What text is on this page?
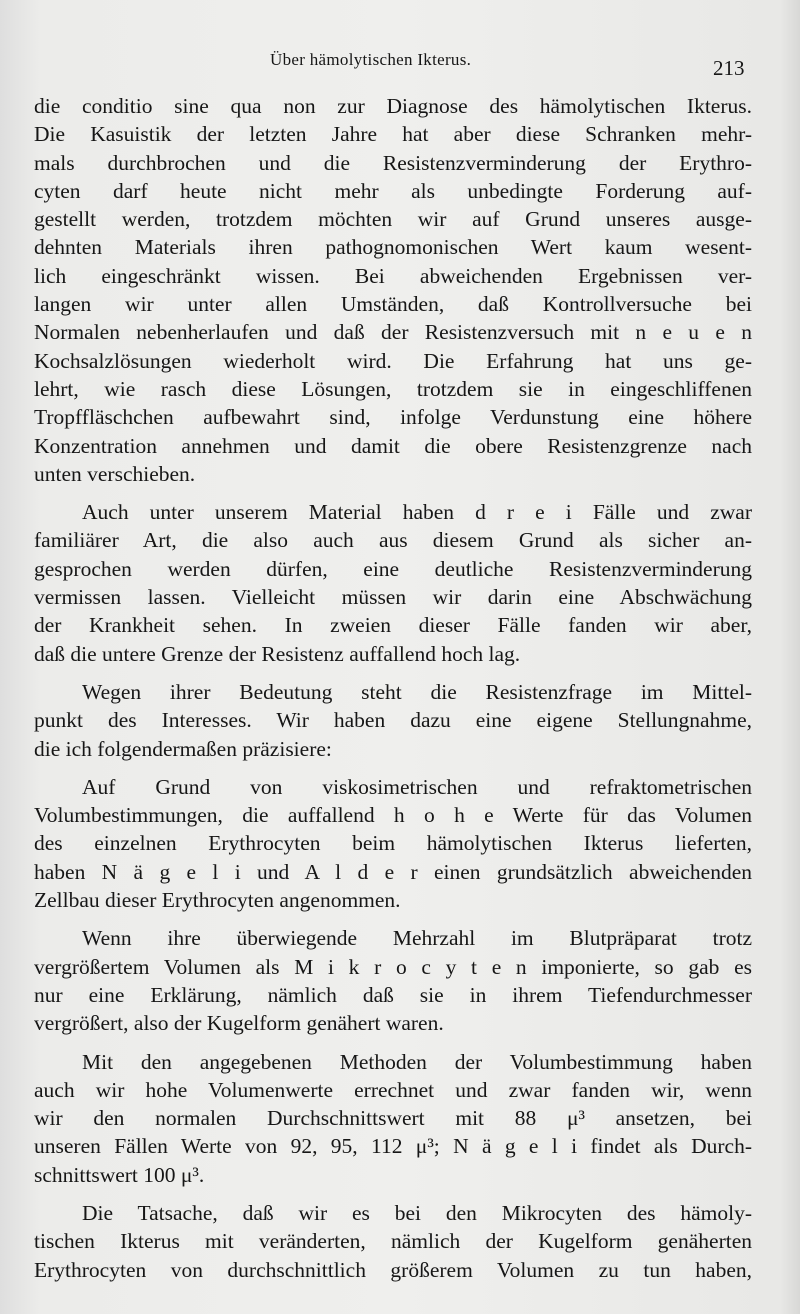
Über hämolytischen Ikterus.	213
die conditio sine qua non zur Diagnose des hämolytischen Ikterus.
Die Kasuistik der letzten Jahre hat aber diese Schranken mehr-
mals durchbrochen und die Resistenzverminderung der Erythro-
cyten darf heute nicht mehr als unbedingte Forderung auf-
gestellt werden, trotzdem möchten wir auf Grund unseres ausge-
dehnten Materials ihren pathognomonischen Wert kaum wesent-
lich eingeschränkt wissen. Bei abweichenden Ergebnissen ver-
langen wir unter allen Umständen, daß Kontrollversuche bei
Normalen nebenherlaufen und daß der Resistenzversuch mit n e u e n
Kochsalzlösungen wiederholt wird. Die Erfahrung hat uns ge-
lehrt, wie rasch diese Lösungen, trotzdem sie in eingeschliffenen
Tropffläschchen aufbewahrt sind, infolge Verdunstung eine höhere
Konzentration annehmen und damit die obere Resistenzgrenze nach
unten verschieben.
Auch unter unserem Material haben d r e i Fälle und zwar
familiärer Art, die also auch aus diesem Grund als sicher an-
gesprochen werden dürfen, eine deutliche Resistenzverminderung
vermissen lassen. Vielleicht müssen wir darin eine Abschwächung
der Krankheit sehen. In zweien dieser Fälle fanden wir aber,
daß die untere Grenze der Resistenz auffallend hoch lag.
Wegen ihrer Bedeutung steht die Resistenzfrage im Mittel-
punkt des Interesses. Wir haben dazu eine eigene Stellungnahme,
die ich folgendermaßen präzisiere:
Auf Grund von viskosimetrischen und refraktometrischen
Volumbestimmungen, die auffallend h o h e Werte für das Volumen
des einzelnen Erythrocyten beim hämolytischen Ikterus lieferten,
haben N ä g e l i und A l d e r einen grundsätzlich abweichenden
Zellbau dieser Erythrocyten angenommen.
Wenn ihre überwiegende Mehrzahl im Blutpräparat trotz
vergrößertem Volumen als M i k r o c y t e n imponierte, so gab es
nur eine Erklärung, nämlich daß sie in ihrem Tiefendurchmesser
vergrößert, also der Kugelform genähert waren.
Mit den angegebenen Methoden der Volumbestimmung haben
auch wir hohe Volumenwerte errechnet und zwar fanden wir, wenn
wir den normalen Durchschnittswert mit 88 μ³ ansetzen, bei
unseren Fällen Werte von 92, 95, 112 μ³; N ä g e l i findet als Durch-
schnittswert 100 μ³.
Die Tatsache, daß wir es bei den Mikrocyten des hämoly-
tischen Ikterus mit veränderten, nämlich der Kugelform genäherten
Erythrocyten von durchschnittlich größerem Volumen zu tun haben,
